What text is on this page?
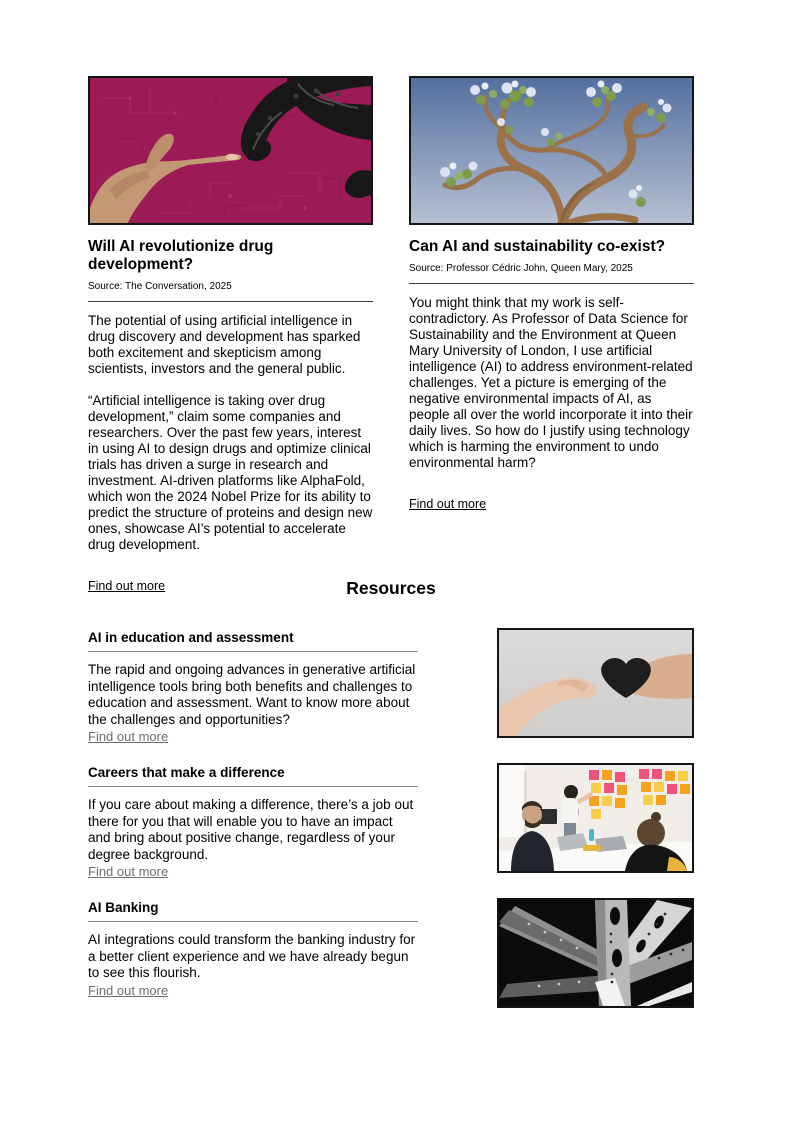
Will AI revolutionize drug development?

Source: The Conversation, 2025

The potential of using artificial intelligence in drug discovery and development has sparked both excitement and skepticism among scientists, investors and the general public.

“Artificial intelligence is taking over drug development,” claim some companies and researchers. Over the past few years, interest in using AI to design drugs and optimize clinical trials has driven a surge in research and investment. AI-driven platforms like AlphaFold, which won the 2024 Nobel Prize for its ability to predict the structure of proteins and design new ones, showcase AI’s potential to accelerate drug development.

Find out more
Can AI and sustainability co-exist?

Source: Professor Cédric John, Queen Mary, 2025

You might think that my work is self-contradictory. As Professor of Data Science for Sustainability and the Environment at Queen Mary University of London, I use artificial intelligence (AI) to address environment-related challenges. Yet a picture is emerging of the negative environmental impacts of AI, as people all over the world incorporate it into their daily lives. So how do I justify using technology which is harming the environment to undo environmental harm?

Find out more
Resources
AI in education and assessment

The rapid and ongoing advances in generative artificial intelligence tools bring both benefits and challenges to education and assessment. Want to know more about the challenges and opportunities?

Find out more
Careers that make a difference

If you care about making a difference, there’s a job out there for you that will enable you to have an impact and bring about positive change, regardless of your degree background.

Find out more
AI Banking

AI integrations could transform the banking industry for a better client experience and we have already begun to see this flourish.

Find out more
